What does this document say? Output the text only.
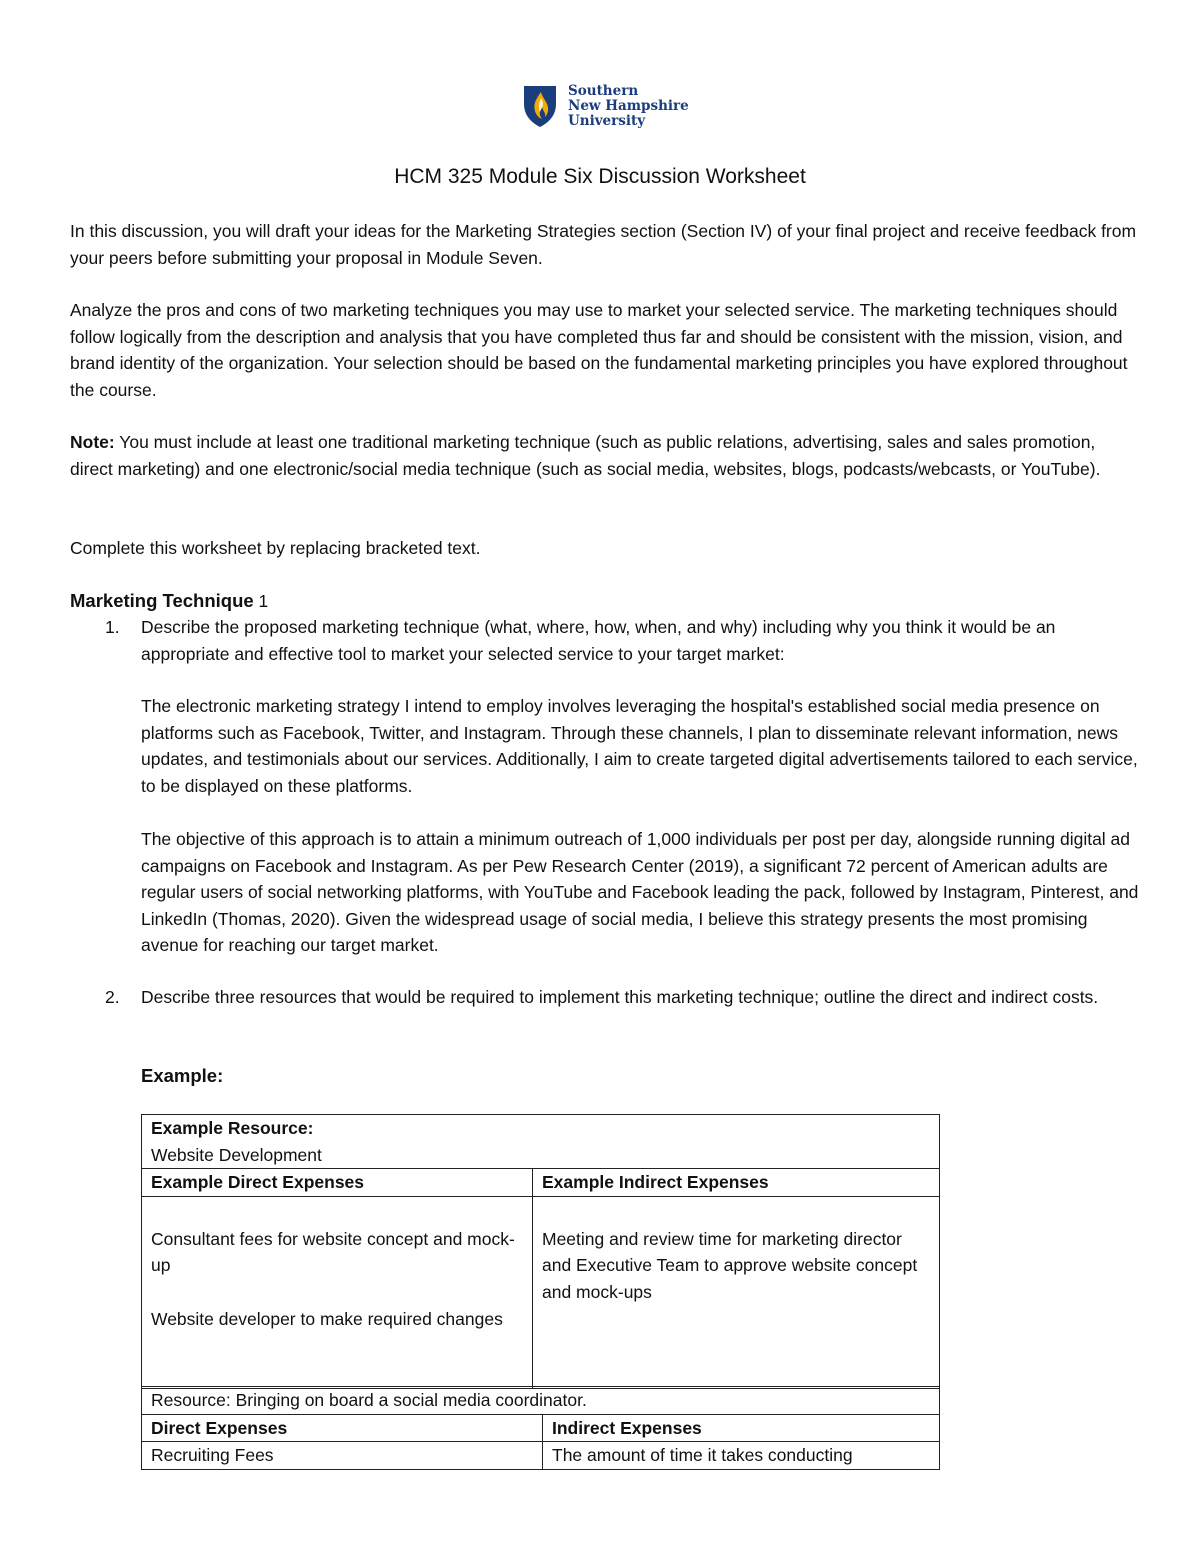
Southern
New Hampshire
University
HCM 325 Module Six Discussion Worksheet

In this discussion, you will draft your ideas for the Marketing Strategies section (Section IV) of your final project and receive feedback from your peers before submitting your proposal in Module Seven.

Analyze the pros and cons of two marketing techniques you may use to market your selected service. The marketing techniques should follow logically from the description and analysis that you have completed thus far and should be consistent with the mission, vision, and brand identity of the organization. Your selection should be based on the fundamental marketing principles you have explored throughout the course.

Note: You must include at least one traditional marketing technique (such as public relations, advertising, sales and sales promotion, direct marketing) and one electronic/social media technique (such as social media, websites, blogs, podcasts/webcasts, or YouTube).

Complete this worksheet by replacing bracketed text.

Marketing Technique 1

1. Describe the proposed marketing technique (what, where, how, when, and why) including why you think it would be an appropriate and effective tool to market your selected service to your target market:

The electronic marketing strategy I intend to employ involves leveraging the hospital's established social media presence on platforms such as Facebook, Twitter, and Instagram. Through these channels, I plan to disseminate relevant information, news updates, and testimonials about our services. Additionally, I aim to create targeted digital advertisements tailored to each service, to be displayed on these platforms.

The objective of this approach is to attain a minimum outreach of 1,000 individuals per post per day, alongside running digital ad campaigns on Facebook and Instagram. As per Pew Research Center (2019), a significant 72 percent of American adults are regular users of social networking platforms, with YouTube and Facebook leading the pack, followed by Instagram, Pinterest, and LinkedIn (Thomas, 2020). Given the widespread usage of social media, I believe this strategy presents the most promising avenue for reaching our target market.

2. Describe three resources that would be required to implement this marketing technique; outline the direct and indirect costs.

Example:

Example Resource:
Website Development	

Example Direct Expenses	Example Indirect Expenses

Consultant fees for website concept and mock-up
Website developer to make required changes	Meeting and review time for marketing director and Executive Team to approve website concept and mock-ups
Resource: Bringing on board a social media coordinator.	
Direct Expenses	Indirect Expenses
Recruiting Fees	The amount of time it takes conducting
